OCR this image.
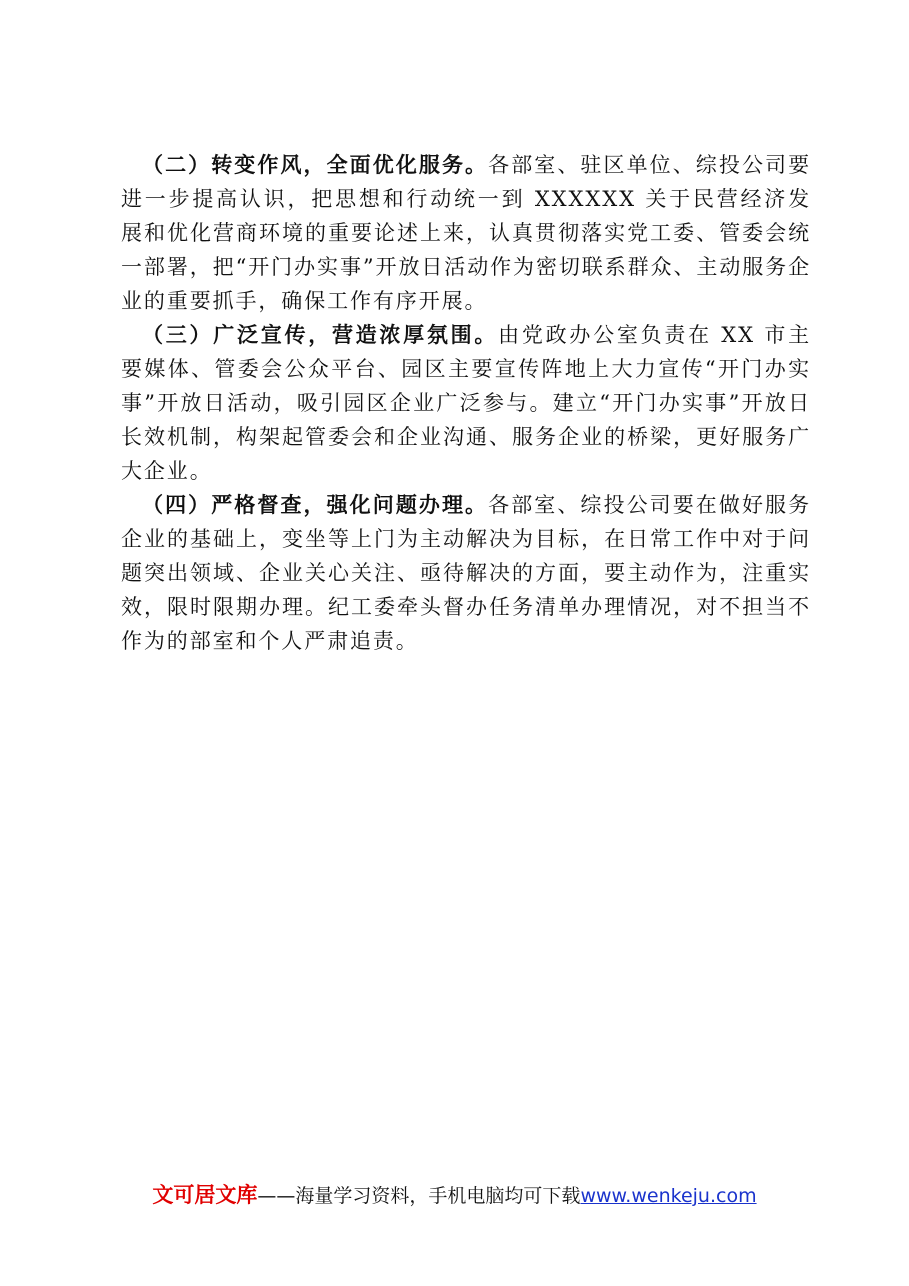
（二）转变作风，全面优化服务。各部室、驻区单位、综投公司要进一步提高认识，把思想和行动统一到 XXXXXX 关于民营经济发展和优化营商环境的重要论述上来，认真贯彻落实党工委、管委会统一部署，把“开门办实事”开放日活动作为密切联系群众、主动服务企业的重要抓手，确保工作有序开展。

（三）广泛宣传，营造浓厚氛围。由党政办公室负责在 XX 市主要媒体、管委会公众平台、园区主要宣传阵地上大力宣传“开门办实事”开放日活动，吸引园区企业广泛参与。建立“开门办实事”开放日长效机制，构架起管委会和企业沟通、服务企业的桥梁，更好服务广大企业。

（四）严格督查，强化问题办理。各部室、综投公司要在做好服务企业的基础上，变坐等上门为主动解决为目标，在日常工作中对于问题突出领域、企业关心关注、亟待解决的方面，要主动作为，注重实效，限时限期办理。纪工委牵头督办任务清单办理情况，对不担当不作为的部室和个人严肃追责。

文可居文库——海量学习资料，手机电脑均可下载www.wenkeju.com
